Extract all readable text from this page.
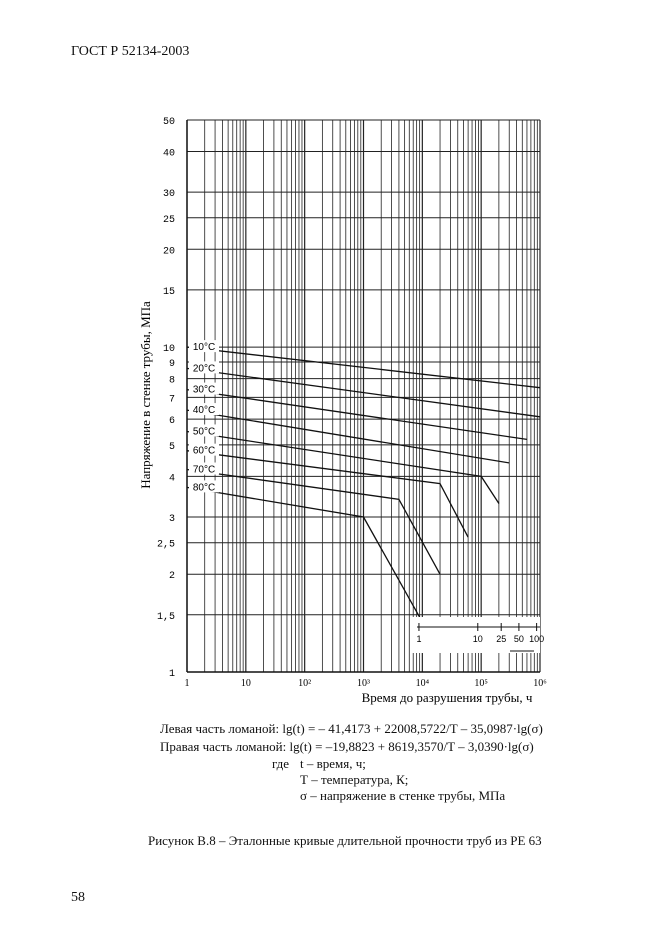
ГОСТ Р 52134-2003
1
1,5
2
2,5
3
4
5
6
7
8
9
10
15
20
25
30
40
50
1	10	10²	10³	10⁴	10⁵	10⁶
10°C
20°C
30°C
40°C
50°C
60°C
70°C
80°C
1	10 25 50 100
Время до разрушения трубы, ч
Напряжение в стенке трубы, МПа
Левая часть ломаной: lg(t) = – 41,4173 + 22008,5722/T – 35,0987·lg(σ)
Правая часть ломаной: lg(t) = –19,8823 + 8619,3570/T – 3,0390·lg(σ)
где t – время, ч;
T – температура, К;
σ – напряжение в стенке трубы, МПа
Рисунок В.8 – Эталонные кривые длительной прочности труб из РЕ 63
58
